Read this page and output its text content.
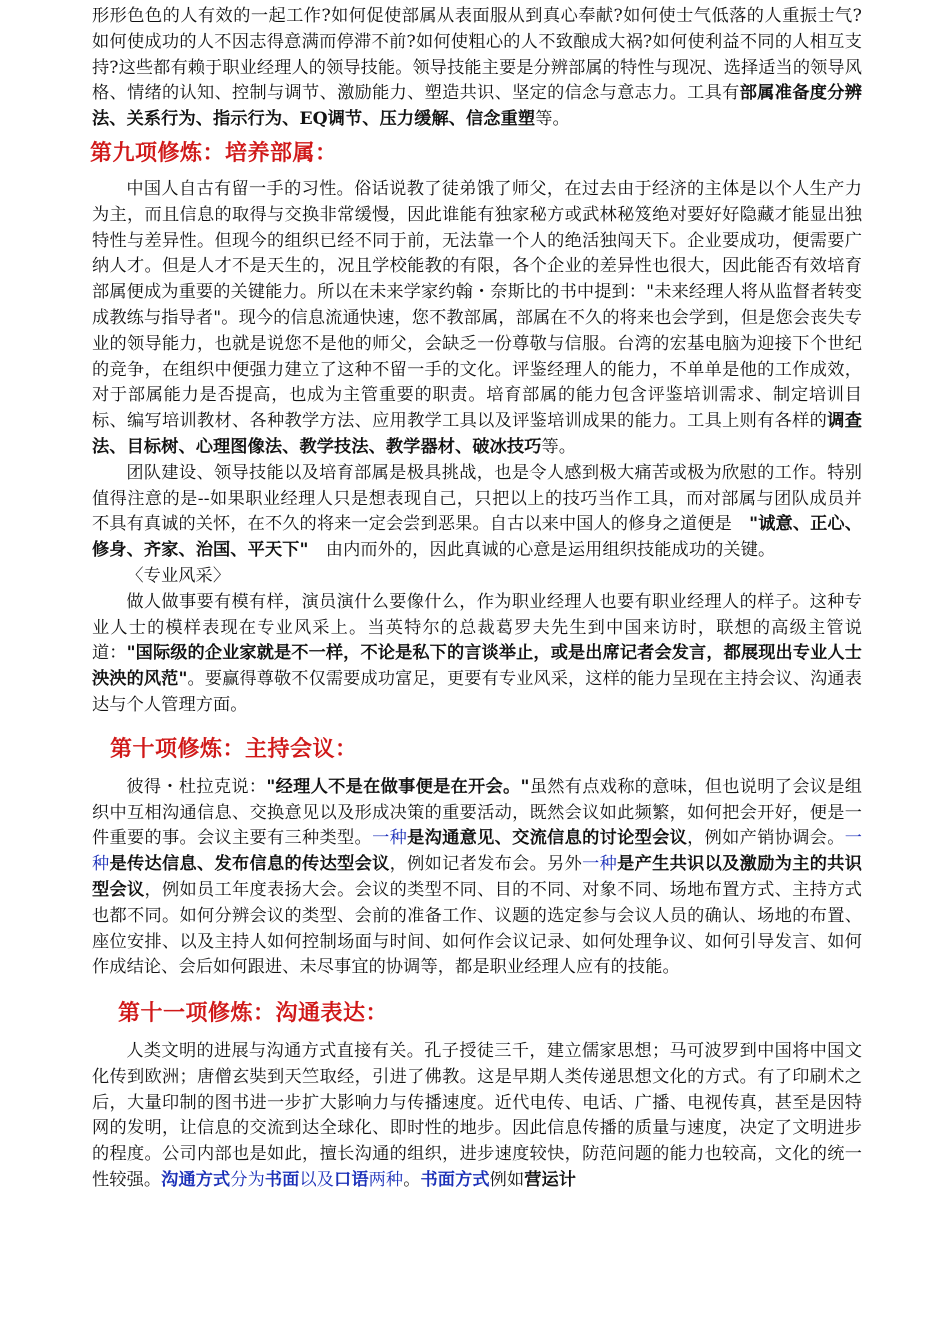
形形色色的人有效的一起工作?如何促使部属从表面服从到真心奉献?如何使士气低落的人重振士气?如何使成功的人不因志得意满而停滞不前?如何使粗心的人不致酿成大祸?如何使利益不同的人相互支持?这些都有赖于职业经理人的领导技能。领导技能主要是分辨部属的特性与现况、选择适当的领导风格、情绪的认知、控制与调节、激励能力、塑造共识、坚定的信念与意志力。工具有部属准备度分辨法、关系行为、指示行为、EQ调节、压力缓解、信念重塑等。

第九项修炼：培养部属：

中国人自古有留一手的习性。俗话说教了徒弟饿了师父，在过去由于经济的主体是以个人生产力为主，而且信息的取得与交换非常缓慢，因此谁能有独家秘方或武林秘笈绝对要好好隐藏才能显出独特性与差异性。但现今的组织已经不同于前，无法靠一个人的绝活独闯天下。企业要成功，便需要广纳人才。但是人才不是天生的，况且学校能教的有限，各个企业的差异性也很大，因此能否有效培育部属便成为重要的关键能力。所以在未来学家约翰・奈斯比的书中提到："未来经理人将从监督者转变成教练与指导者"。现今的信息流通快速，您不教部属，部属在不久的将来也会学到，但是您会丧失专业的领导能力，也就是说您不是他的师父，会缺乏一份尊敬与信服。台湾的宏基电脑为迎接下个世纪的竞争，在组织中便强力建立了这种不留一手的文化。评鉴经理人的能力，不单单是他的工作成效，对于部属能力是否提高，也成为主管重要的职责。培育部属的能力包含评鉴培训需求、制定培训目标、编写培训教材、各种教学方法、应用教学工具以及评鉴培训成果的能力。工具上则有各样的调查法、目标树、心理图像法、教学技法、教学器材、破冰技巧等。

团队建设、领导技能以及培育部属是极具挑战，也是令人感到极大痛苦或极为欣慰的工作。特别值得注意的是--如果职业经理人只是想表现自己，只把以上的技巧当作工具，而对部属与团队成员并不具有真诚的关怀，在不久的将来一定会尝到恶果。自古以来中国人的修身之道便是　"诚意、正心、修身、齐家、治国、平天下"　由内而外的，因此真诚的心意是运用组织技能成功的关键。

〈专业风采〉

做人做事要有模有样，演员演什么要像什么，作为职业经理人也要有职业经理人的样子。这种专业人士的模样表现在专业风采上。当英特尔的总裁葛罗夫先生到中国来访时，联想的高级主管说道："国际级的企业家就是不一样，不论是私下的言谈举止，或是出席记者会发言，都展现出专业人士泱泱的风范"。要赢得尊敬不仅需要成功富足，更要有专业风采，这样的能力呈现在主持会议、沟通表达与个人管理方面。

第十项修炼：主持会议：

彼得・杜拉克说："经理人不是在做事便是在开会。"虽然有点戏称的意味，但也说明了会议是组织中互相沟通信息、交换意见以及形成决策的重要活动，既然会议如此频繁，如何把会开好，便是一件重要的事。会议主要有三种类型。一种是沟通意见、交流信息的讨论型会议，例如产销协调会。一种是传达信息、发布信息的传达型会议，例如记者发布会。另外一种是产生共识以及激励为主的共识型会议，例如员工年度表扬大会。会议的类型不同、目的不同、对象不同、场地布置方式、主持方式也都不同。如何分辨会议的类型、会前的准备工作、议题的选定参与会议人员的确认、场地的布置、座位安排、以及主持人如何控制场面与时间、如何作会议记录、如何处理争议、如何引导发言、如何作成结论、会后如何跟进、未尽事宜的协调等，都是职业经理人应有的技能。

第十一项修炼：沟通表达：

人类文明的进展与沟通方式直接有关。孔子授徒三千，建立儒家思想；马可波罗到中国将中国文化传到欧洲；唐僧玄奘到天竺取经，引进了佛教。这是早期人类传递思想文化的方式。有了印刷术之后，大量印制的图书进一步扩大影响力与传播速度。近代电传、电话、广播、电视传真，甚至是因特网的发明，让信息的交流到达全球化、即时性的地步。因此信息传播的质量与速度，决定了文明进步的程度。公司内部也是如此，擅长沟通的组织，进步速度较快，防范问题的能力也较高，文化的统一性较强。沟通方式分为书面以及口语两种。书面方式例如营运计
